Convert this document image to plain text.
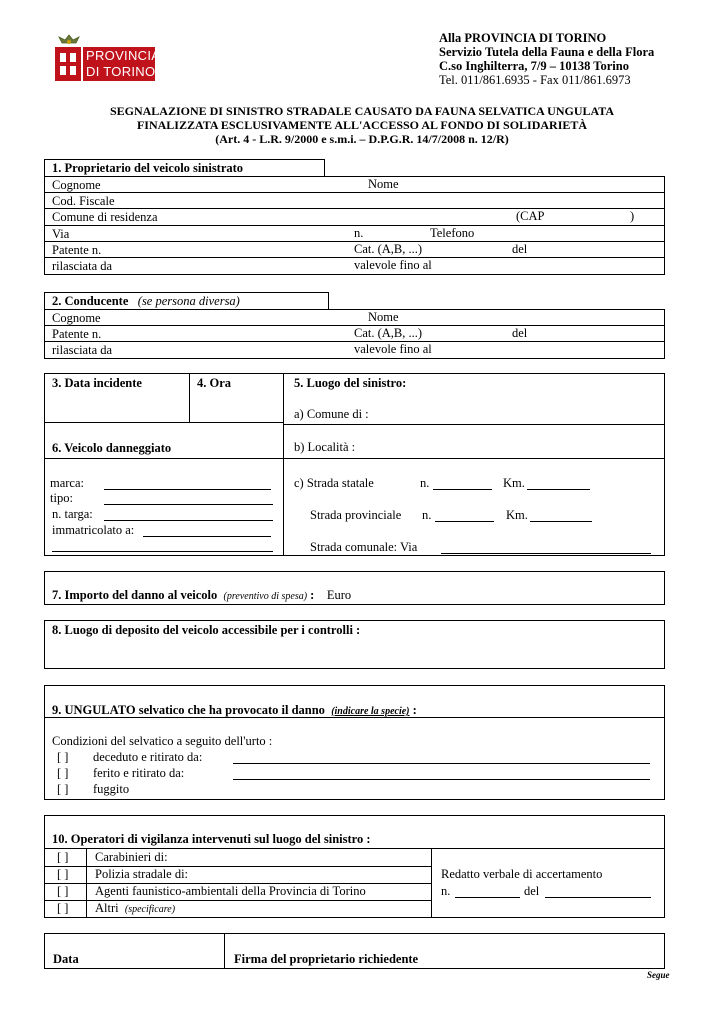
PROVINCIA
DI TORINO
Alla PROVINCIA DI TORINO
Servizio Tutela della Fauna e della Flora
C.so Inghilterra, 7/9 – 10138 Torino
Tel. 011/861.6935 - Fax 011/861.6973
SEGNALAZIONE DI SINISTRO STRADALE CAUSATO DA FAUNA SELVATICA UNGULATA
FINALIZZATA ESCLUSIVAMENTE ALL'ACCESSO AL FONDO DI SOLIDARIETÀ
(Art. 4 - L.R. 9/2000 e s.m.i. – D.P.G.R. 14/7/2008 n. 12/R)
1. Proprietario del veicolo sinistrato
Cognome	Nome
Cod. Fiscale
Comune di residenza	(CAP	)
Via	n.	Telefono
Patente n.	Cat. (A,B, ...)	del
rilasciata da	valevole fino al
2. Conducente (se persona diversa)
Cognome	Nome
Patente n.	Cat. (A,B, ...)	del
rilasciata da	valevole fino al
3. Data incidente	4. Ora	5. Luogo del sinistro:
a) Comune di :
b) Località :
6. Veicolo danneggiato
marca:
tipo:
n. targa:
immatricolato a:
c) Strada statale	n.	Km.
Strada provinciale n.	Km.
Strada comunale: Via
7. Importo del danno al veicolo (preventivo di spesa) : Euro
8. Luogo di deposito del veicolo accessibile per i controlli :
9. UNGULATO selvatico che ha provocato il danno (indicare la specie) :
Condizioni del selvatico a seguito dell'urto :
[ ] deceduto e ritirato da:
[ ] ferito e ritirato da:
[ ] fuggito
10. Operatori di vigilanza intervenuti sul luogo del sinistro :
[ ] Carabinieri di:
[ ] Polizia stradale di:
[ ] Agenti faunistico-ambientali della Provincia di Torino
[ ] Altri (specificare)
Redatto verbale di accertamento
n.	del
Data	Firma del proprietario richiedente
Segue
